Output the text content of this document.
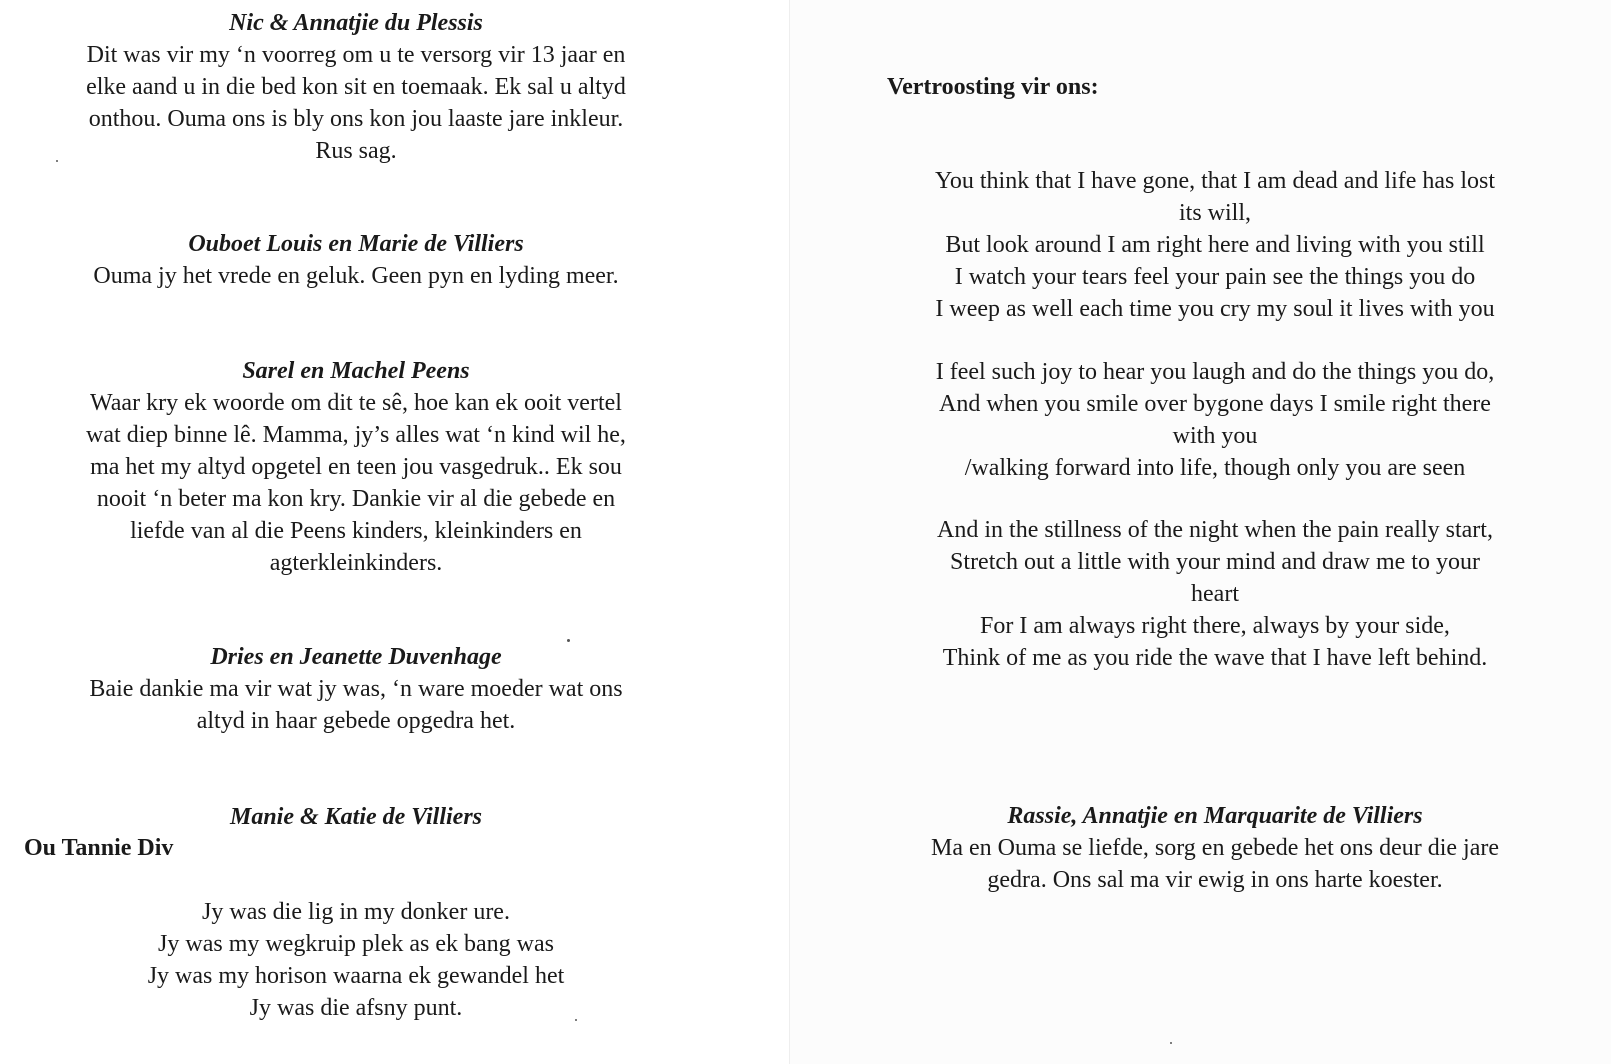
Nic & Annatjie du Plessis
Dit was vir my ‘n voorreg om u te versorg vir 13 jaar en
elke aand u in die bed kon sit en toemaak. Ek sal u altyd
onthou. Ouma ons is bly ons kon jou laaste jare inkleur.
Rus sag.
Ouboet Louis en Marie de Villiers
Ouma jy het vrede en geluk. Geen pyn en lyding meer.
Sarel en Machel Peens
Waar kry ek woorde om dit te sê, hoe kan ek ooit vertel
wat diep binne lê. Mamma, jy’s alles wat ‘n kind wil he,
ma het my altyd opgetel en teen jou vasgedruk.. Ek sou
nooit ‘n beter ma kon kry. Dankie vir al die gebede en
liefde van al die Peens kinders, kleinkinders en
agterkleinkinders.
Dries en Jeanette Duvenhage
Baie dankie ma vir wat jy was, ‘n ware moeder wat ons
altyd in haar gebede opgedra het.
Manie & Katie de Villiers
Ou Tannie Div
Jy was die lig in my donker ure.
Jy was my wegkruip plek as ek bang was
Jy was my horison waarna ek gewandel het
Jy was die afsny punt.
Vertroosting vir ons:
You think that I have gone, that I am dead and life has lost
its will,
But look around I am right here and living with you still
I watch your tears feel your pain see the things you do
I weep as well each time you cry my soul it lives with you
I feel such joy to hear you laugh and do the things you do,
And when you smile over bygone days I smile right there
with you
/walking forward into life, though only you are seen
And in the stillness of the night when the pain really start,
Stretch out a little with your mind and draw me to your
heart
For I am always right there, always by your side,
Think of me as you ride the wave that I have left behind.
Rassie, Annatjie en Marquarite de Villiers
Ma en Ouma se liefde, sorg en gebede het ons deur die jare
gedra. Ons sal ma vir ewig in ons harte koester.
